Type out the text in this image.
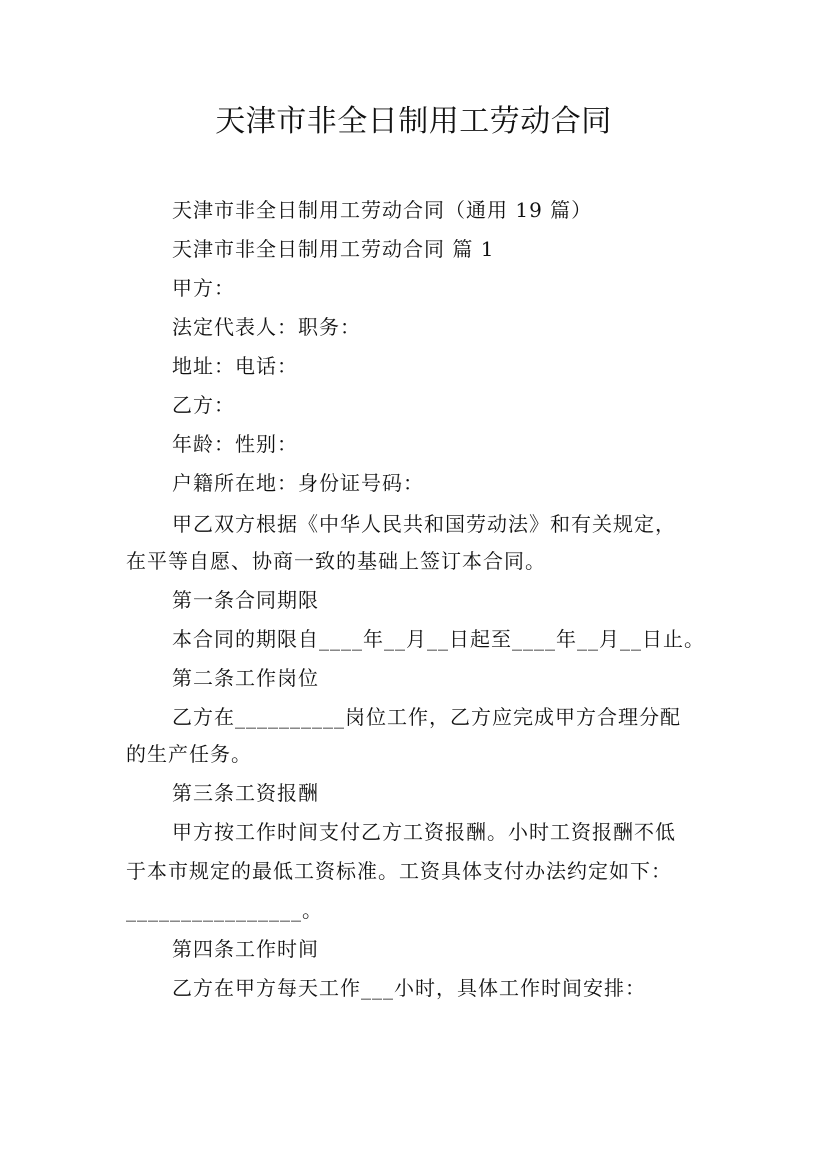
天津市非全日制用工劳动合同
天津市非全日制用工劳动合同（通用 19 篇）
天津市非全日制用工劳动合同 篇 1
甲方：
法定代表人：职务：
地址：电话：
乙方：
年龄：性别：
户籍所在地：身份证号码：
甲乙双方根据《中华人民共和国劳动法》和有关规定，
在平等自愿、协商一致的基础上签订本合同。
第一条合同期限
本合同的期限自____年__月__日起至____年__月__日止。
第二条工作岗位
乙方在__________岗位工作，乙方应完成甲方合理分配
的生产任务。
第三条工资报酬
甲方按工作时间支付乙方工资报酬。小时工资报酬不低
于本市规定的最低工资标准。工资具体支付办法约定如下：
________________。
第四条工作时间
乙方在甲方每天工作___小时，具体工作时间安排：
